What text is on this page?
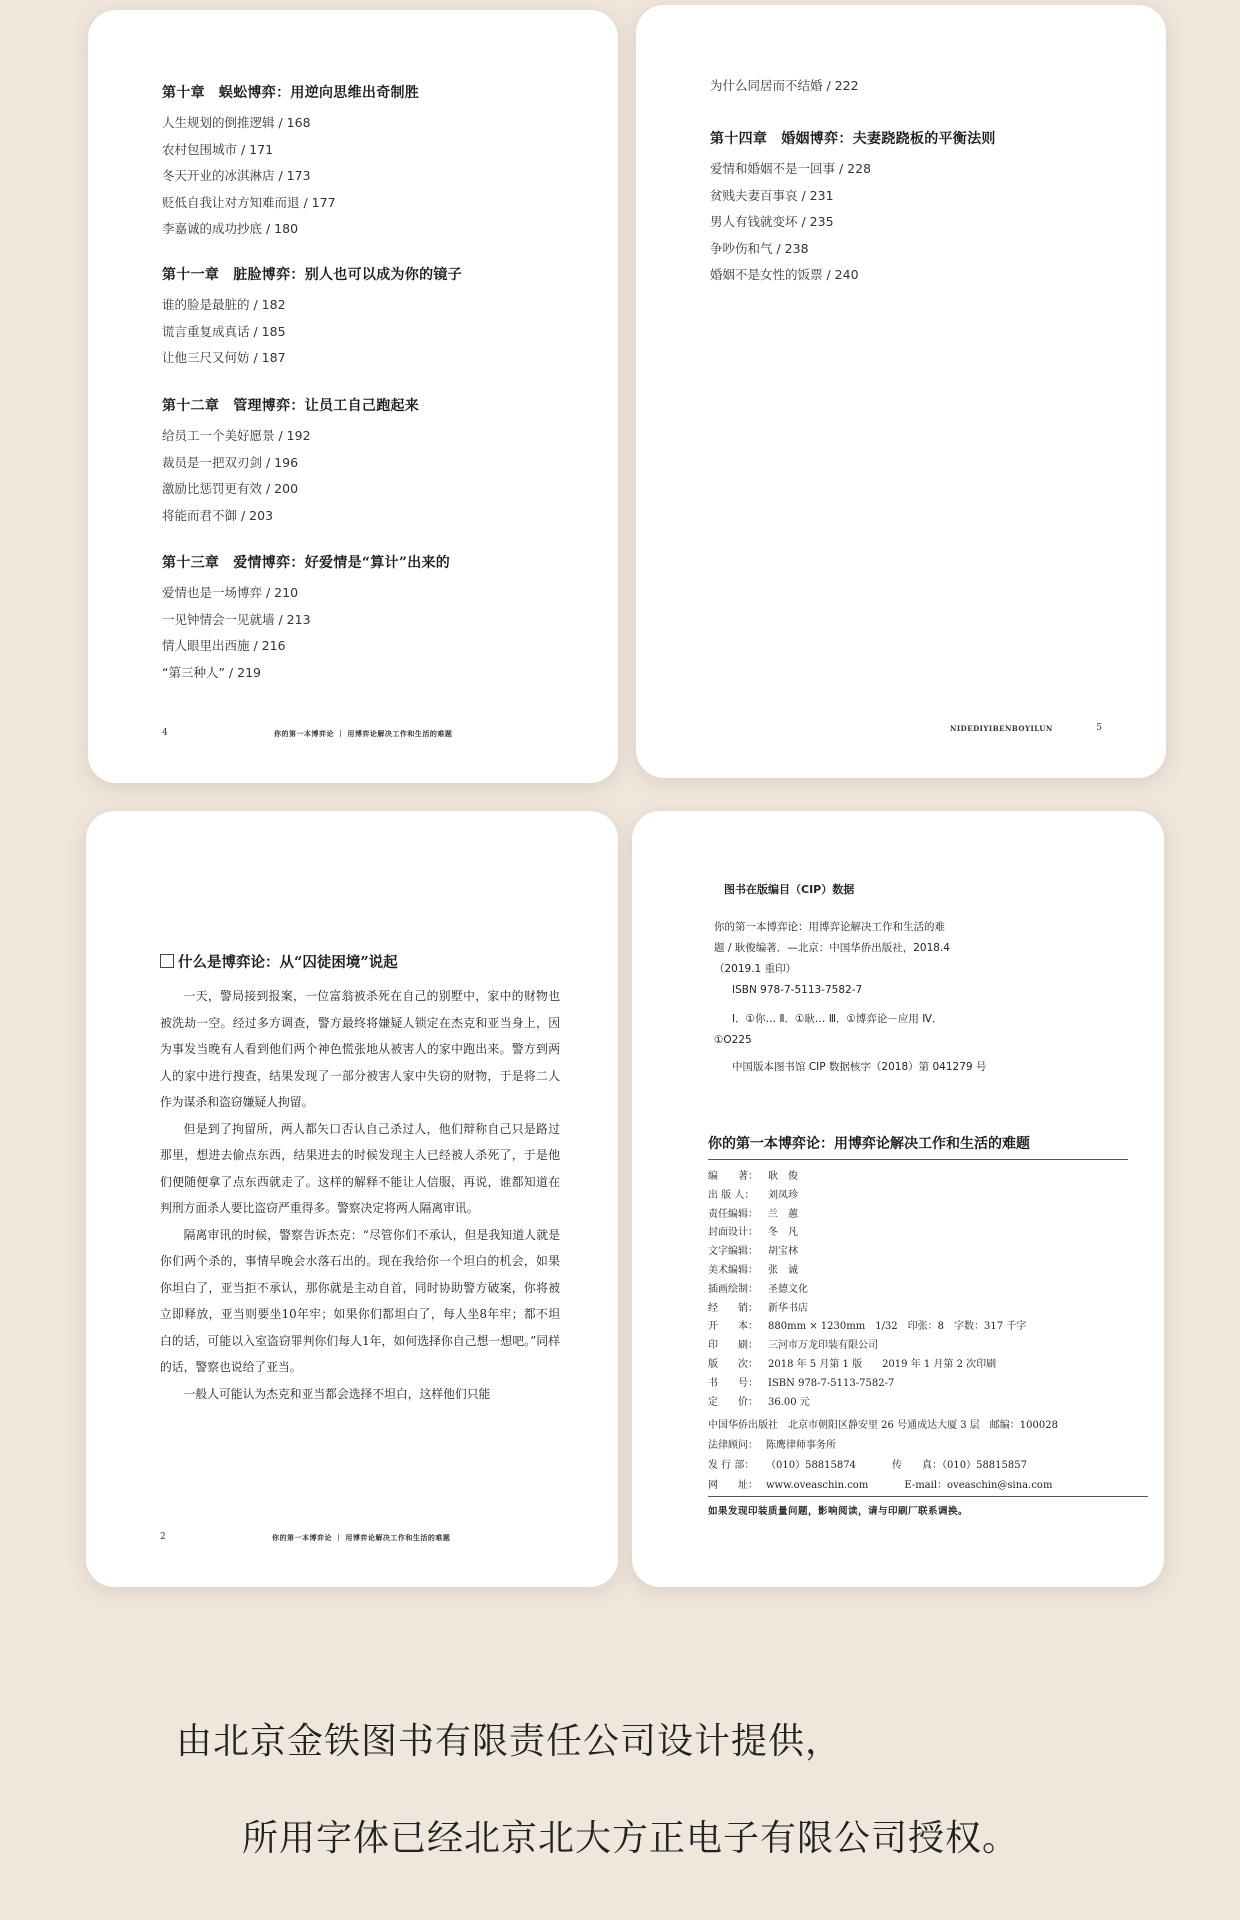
第十章 蜈蚣博弈：用逆向思维出奇制胜
人生规划的倒推逻辑 / 168
农村包围城市 / 171
冬天开业的冰淇淋店 / 173
贬低自我让对方知难而退 / 177
李嘉诚的成功抄底 / 180
第十一章 脏脸博弈：别人也可以成为你的镜子
谁的脸是最脏的 / 182
谎言重复成真话 / 185
让他三尺又何妨 / 187
第十二章 管理博弈：让员工自己跑起来
给员工一个美好愿景 / 192
裁员是一把双刃剑 / 196
激励比惩罚更有效 / 200
将能而君不御 / 203
第十三章 爱情博弈：好爱情是“算计”出来的
爱情也是一场博弈 / 210
一见钟情会一见就墙 / 213
情人眼里出西施 / 216
“第三种人” / 219
4	你的第一本博弈论 ｜ 用博弈论解决工作和生活的难题
为什么同居而不结婚 / 222
第十四章 婚姻博弈：夫妻跷跷板的平衡法则
爱情和婚姻不是一回事 / 228
贫贱夫妻百事哀 / 231
男人有钱就变坏 / 235
争吵伤和气 / 238
婚姻不是女性的饭票 / 240
NIDEDIYIBENBOYILUN	5
什么是博弈论：从“囚徒困境”说起

一天，警局接到报案，一位富翁被杀死在自己的别墅中，家中的财物也被洗劫一空。经过多方调查，警方最终将嫌疑人锁定在杰克和亚当身上，因为事发当晚有人看到他们两个神色慌张地从被害人的家中跑出来。警方到两人的家中进行搜查，结果发现了一部分被害人家中失窃的财物，于是将二人作为谋杀和盗窃嫌疑人拘留。

但是到了拘留所，两人都矢口否认自己杀过人，他们辩称自己只是路过那里，想进去偷点东西，结果进去的时候发现主人已经被人杀死了，于是他们便随便拿了点东西就走了。这样的解释不能让人信服，再说，谁都知道在判刑方面杀人要比盗窃严重得多。警察决定将两人隔离审讯。

隔离审讯的时候，警察告诉杰克：“尽管你们不承认，但是我知道人就是你们两个杀的，事情早晚会水落石出的。现在我给你一个坦白的机会，如果你坦白了，亚当拒不承认，那你就是主动自首，同时协助警方破案，你将被立即释放，亚当则要坐10年牢；如果你们都坦白了，每人坐8年牢；都不坦白的话，可能以入室盗窃罪判你们每人1年，如何选择你自己想一想吧。”同样的话，警察也说给了亚当。

一般人可能认为杰克和亚当都会选择不坦白，这样他们只能

2	你的第一本博弈论 ｜ 用博弈论解决工作和生活的难题
图书在版编目（CIP）数据
你的第一本博弈论：用博弈论解决工作和生活的难
题 / 耿俊编著．—北京：中国华侨出版社，2018.4
（2019.1 重印）
ISBN 978-7-5113-7582-7
Ⅰ．①你… Ⅱ．①耿… Ⅲ．①博弈论－应用 Ⅳ．
①O225
中国版本图书馆 CIP 数据核字（2018）第 041279 号
你的第一本博弈论：用博弈论解决工作和生活的难题
编　　著： 耿　俊
出 版 人： 刘凤珍
责任编辑： 兰　蕙
封面设计： 冬　凡
文字编辑： 胡宝林
美术编辑： 张　诚
插画绘制： 圣德文化
经　　销： 新华书店
开　　本： 880mm × 1230mm　1/32　印张：8　字数：317 千字
印　　刷： 三河市万龙印装有限公司
版　　次： 2018 年 5 月第 1 版　　2019 年 1 月第 2 次印刷
书　　号： ISBN 978-7-5113-7582-7
定　　价： 36.00 元
中国华侨出版社　北京市朝阳区静安里 26 号通成达大厦 3 层　邮编：100028
法律顾问： 陈鹰律师事务所
发 行 部： （010）58815874	传　　真：（010）58815857
网　　址： www.oveaschin.com	E-mail：oveaschin@sina.com
如果发现印装质量问题，影响阅读，请与印刷厂联系调换。
由北京金铁图书有限责任公司设计提供，
所用字体已经北京北大方正电子有限公司授权。
